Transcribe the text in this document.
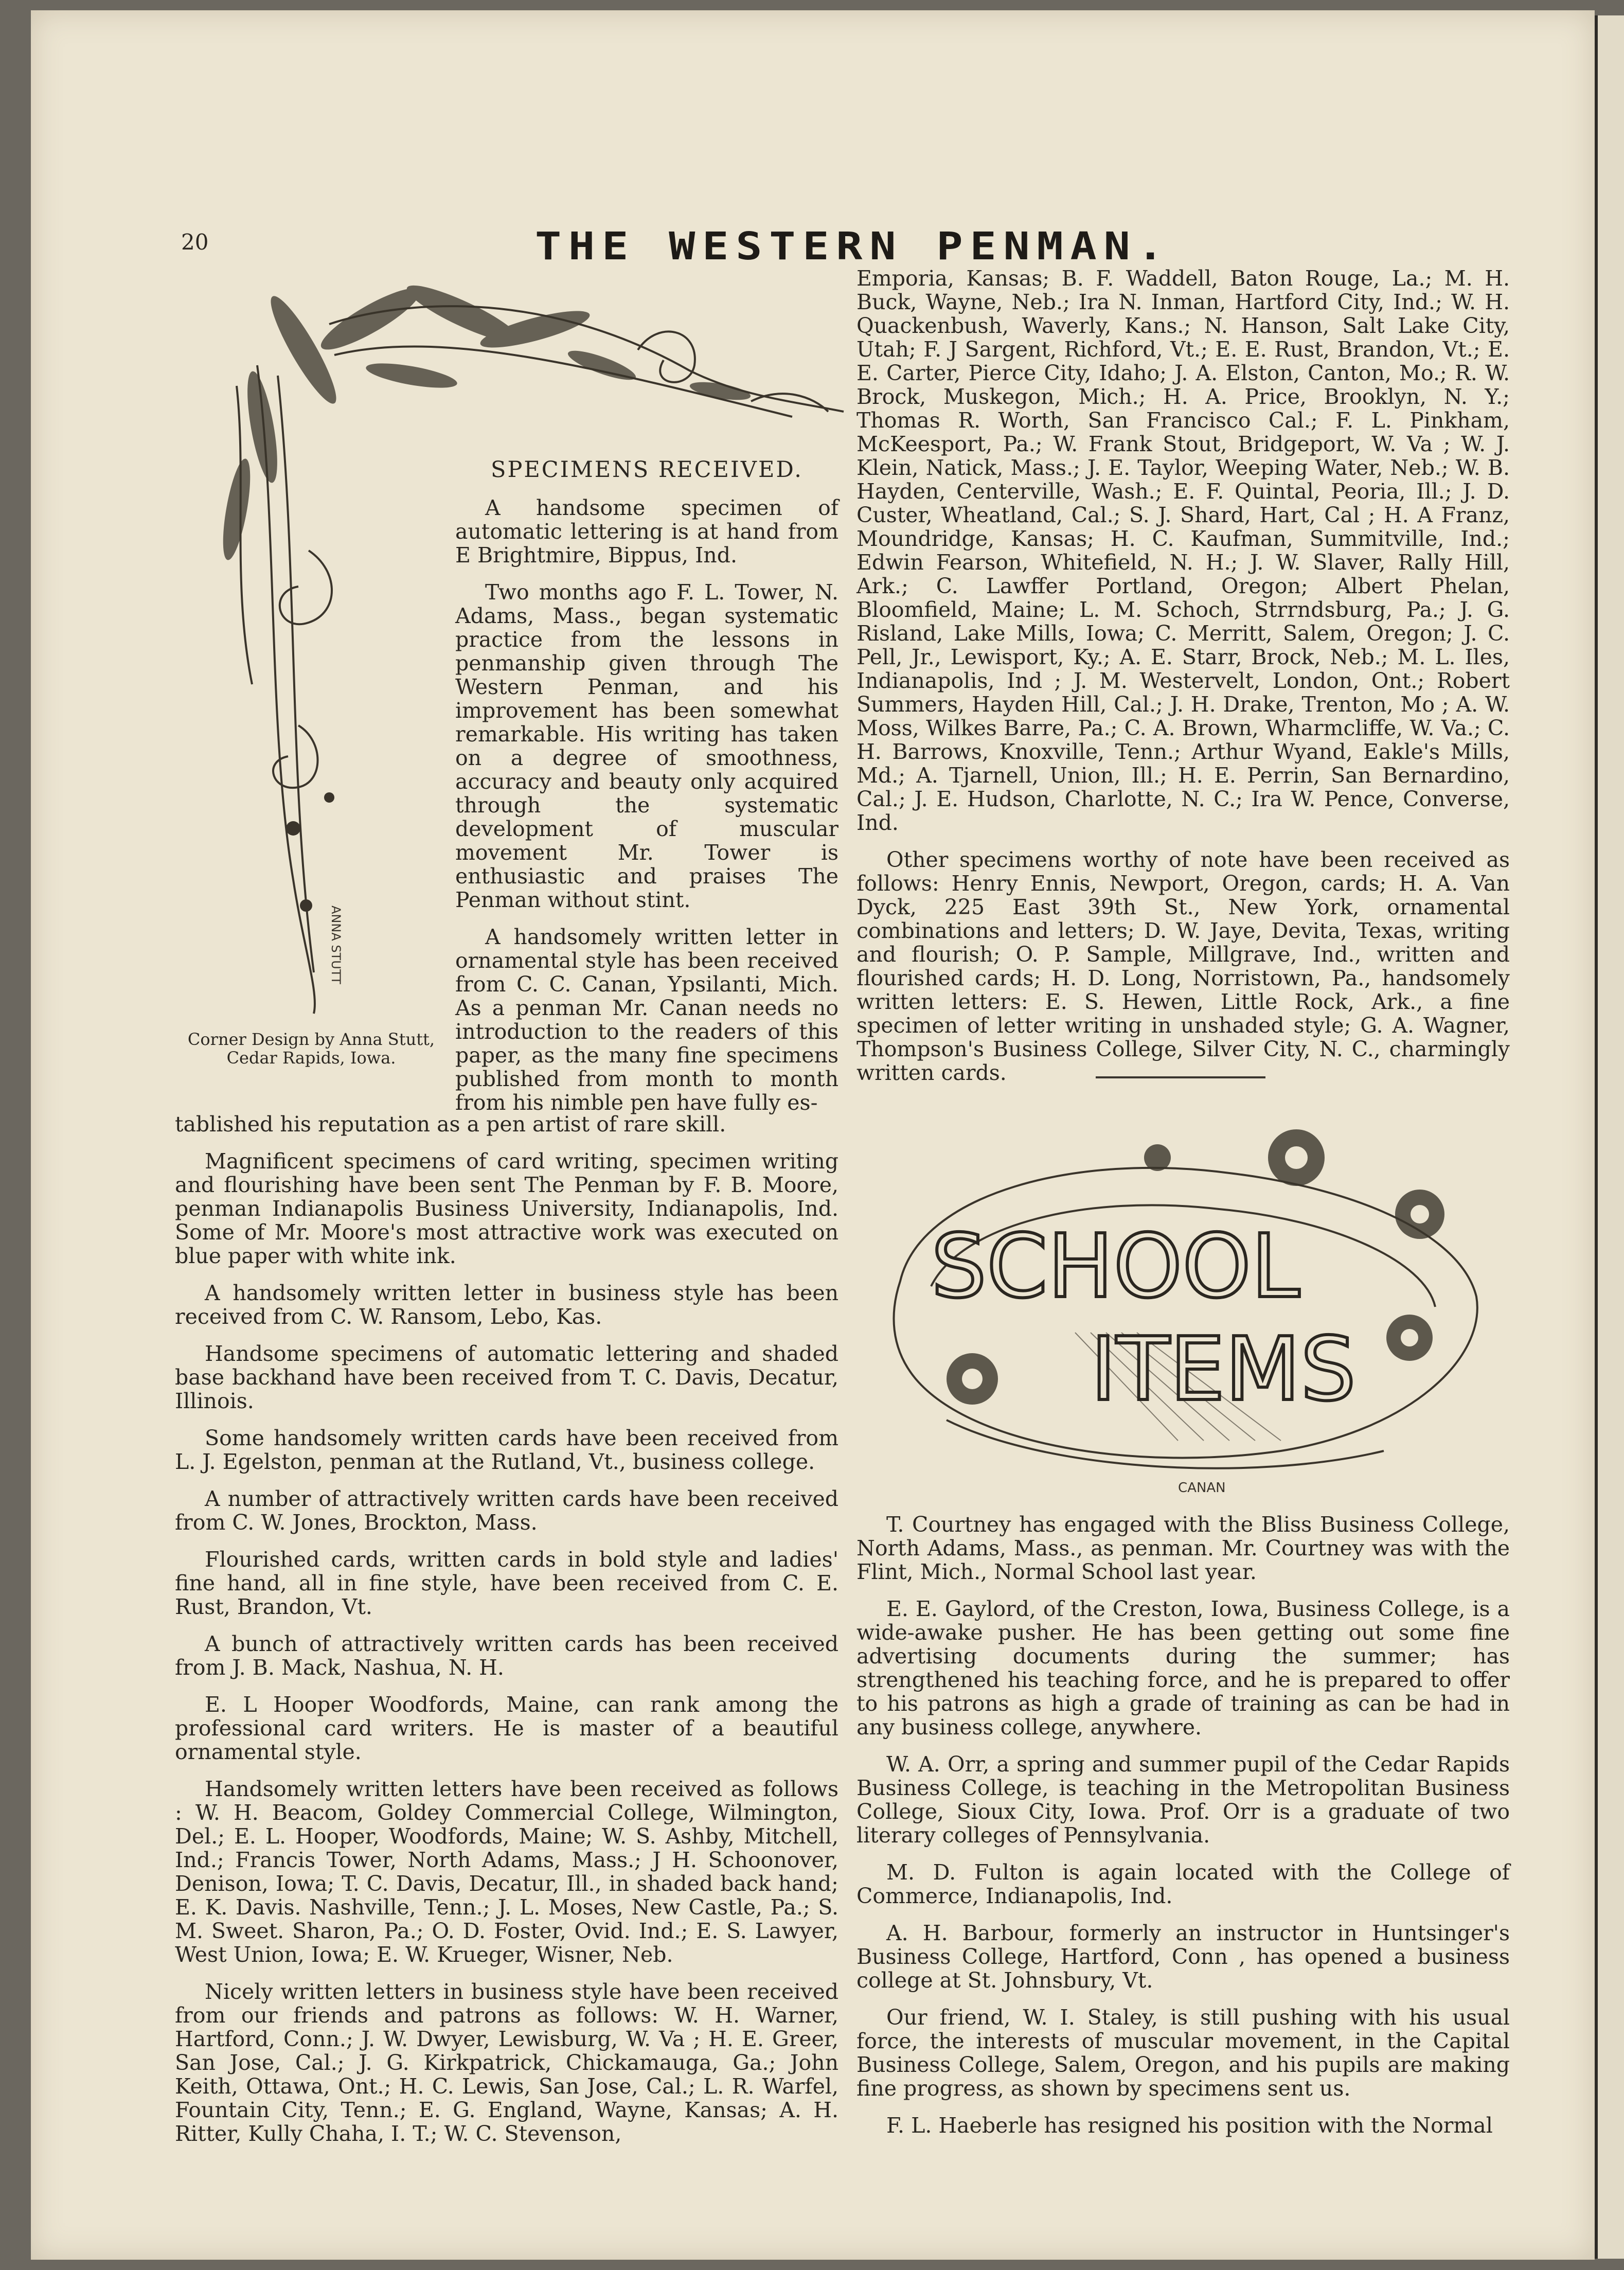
20	THE WESTERN PENMAN.
ANNA STUTT
SPECIMENS RECEIVED.

A handsome specimen of automatic lettering is at hand from E Brightmire, Bippus, Ind.

Two months ago F. L. Tower, N. Adams, Mass., began systematic practice from the lessons in penmanship given through The Western Penman, and his improvement has been somewhat remarkable. His writing has taken on a degree of smoothness, accuracy and beauty only acquired through the systematic development of muscular movement Mr. Tower is enthusiastic and praises The Penman without stint.

A handsomely written letter in ornamental style has been received from C. C. Canan, Ypsilanti, Mich. As a penman Mr. Canan needs no introduction to the readers of this paper, as the many fine specimens published from month to month from his nimble pen have fully es-

Corner Design by Anna Stutt,
Cedar Rapids, Iowa.

tablished his reputation as a pen artist of rare skill.

Magnificent specimens of card writing, specimen writing and flourishing have been sent The Penman by F. B. Moore, penman Indianapolis Business University, Indianapolis, Ind. Some of Mr. Moore's most attractive work was executed on blue paper with white ink.

A handsomely written letter in business style has been received from C. W. Ransom, Lebo, Kas.

Handsome specimens of automatic lettering and shaded base backhand have been received from T. C. Davis, Decatur, Illinois.

Some handsomely written cards have been received from L. J. Egelston, penman at the Rutland, Vt., business college.

A number of attractively written cards have been received from C. W. Jones, Brockton, Mass.

Flourished cards, written cards in bold style and ladies' fine hand, all in fine style, have been received from C. E. Rust, Brandon, Vt.

A bunch of attractively written cards has been received from J. B. Mack, Nashua, N. H.

E. L Hooper Woodfords, Maine, can rank among the professional card writers. He is master of a beautiful ornamental style.

Handsomely written letters have been received as follows : W. H. Beacom, Goldey Commercial College, Wilmington, Del.; E. L. Hooper, Woodfords, Maine; W. S. Ashby, Mitchell, Ind.; Francis Tower, North Adams, Mass.; J H. Schoonover, Denison, Iowa; T. C. Davis, Decatur, Ill., in shaded back hand; E. K. Davis. Nashville, Tenn.; J. L. Moses, New Castle, Pa.; S. M. Sweet. Sharon, Pa.; O. D. Foster, Ovid. Ind.; E. S. Lawyer, West Union, Iowa; E. W. Krueger, Wisner, Neb.

Nicely written letters in business style have been received from our friends and patrons as follows: W. H. Warner, Hartford, Conn.; J. W. Dwyer, Lewisburg, W. Va ; H. E. Greer, San Jose, Cal.; J. G. Kirkpatrick, Chickamauga, Ga.; John Keith, Ottawa, Ont.; H. C. Lewis, San Jose, Cal.; L. R. Warfel, Fountain City, Tenn.; E. G. England, Wayne, Kansas; A. H. Ritter, Kully Chaha, I. T.; W. C. Stevenson,

Emporia, Kansas; B. F. Waddell, Baton Rouge, La.; M. H. Buck, Wayne, Neb.; Ira N. Inman, Hartford City, Ind.; W. H. Quackenbush, Waverly, Kans.; N. Hanson, Salt Lake City, Utah; F. J Sargent, Richford, Vt.; E. E. Rust, Brandon, Vt.; E. E. Carter, Pierce City, Idaho; J. A. Elston, Canton, Mo.; R. W. Brock, Muskegon, Mich.; H. A. Price, Brooklyn, N. Y.; Thomas R. Worth, San Francisco Cal.; F. L. Pinkham, McKeesport, Pa.; W. Frank Stout, Bridgeport, W. Va ; W. J. Klein, Natick, Mass.; J. E. Taylor, Weeping Water, Neb.; W. B. Hayden, Centerville, Wash.; E. F. Quintal, Peoria, Ill.; J. D. Custer, Wheatland, Cal.; S. J. Shard, Hart, Cal ; H. A Franz, Moundridge, Kansas; H. C. Kaufman, Summitville, Ind.; Edwin Fearson, Whitefield, N. H.; J. W. Slaver, Rally Hill, Ark.; C. Lawffer Portland, Oregon; Albert Phelan, Bloomfield, Maine; L. M. Schoch, Strrndsburg, Pa.; J. G. Risland, Lake Mills, Iowa; C. Merritt, Salem, Oregon; J. C. Pell, Jr., Lewisport, Ky.; A. E. Starr, Brock, Neb.; M. L. Iles, Indianapolis, Ind ; J. M. Westervelt, London, Ont.; Robert Summers, Hayden Hill, Cal.; J. H. Drake, Trenton, Mo ; A. W. Moss, Wilkes Barre, Pa.; C. A. Brown, Wharmcliffe, W. Va.; C. H. Barrows, Knoxville, Tenn.; Arthur Wyand, Eakle's Mills, Md.; A. Tjarnell, Union, Ill.; H. E. Perrin, San Bernardino, Cal.; J. E. Hudson, Charlotte, N. C.; Ira W. Pence, Converse, Ind.

Other specimens worthy of note have been received as follows: Henry Ennis, Newport, Oregon, cards; H. A. Van Dyck, 225 East 39th St., New York, ornamental combinations and letters; D. W. Jaye, Devita, Texas, writing and flourish; O. P. Sample, Millgrave, Ind., written and flourished cards; H. D. Long, Norristown, Pa., handsomely written letters: E. S. Hewen, Little Rock, Ark., a fine specimen of letter writing in unshaded style; G. A. Wagner, Thompson's Business College, Silver City, N. C., charmingly written cards.

SCHOOL
ITEMS
CANAN

T. Courtney has engaged with the Bliss Business College, North Adams, Mass., as penman. Mr. Courtney was with the Flint, Mich., Normal School last year.

E. E. Gaylord, of the Creston, Iowa, Business College, is a wide-awake pusher. He has been getting out some fine advertising documents during the summer; has strengthened his teaching force, and he is prepared to offer to his patrons as high a grade of training as can be had in any business college, anywhere.

W. A. Orr, a spring and summer pupil of the Cedar Rapids Business College, is teaching in the Metropolitan Business College, Sioux City, Iowa. Prof. Orr is a graduate of two literary colleges of Pennsylvania.

M. D. Fulton is again located with the College of Commerce, Indianapolis, Ind.

A. H. Barbour, formerly an instructor in Huntsinger's Business College, Hartford, Conn , has opened a business college at St. Johnsbury, Vt.

Our friend, W. I. Staley, is still pushing with his usual force, the interests of muscular movement, in the Capital Business College, Salem, Oregon, and his pupils are making fine progress, as shown by specimens sent us.

F. L. Haeberle has resigned his position with the Normal
